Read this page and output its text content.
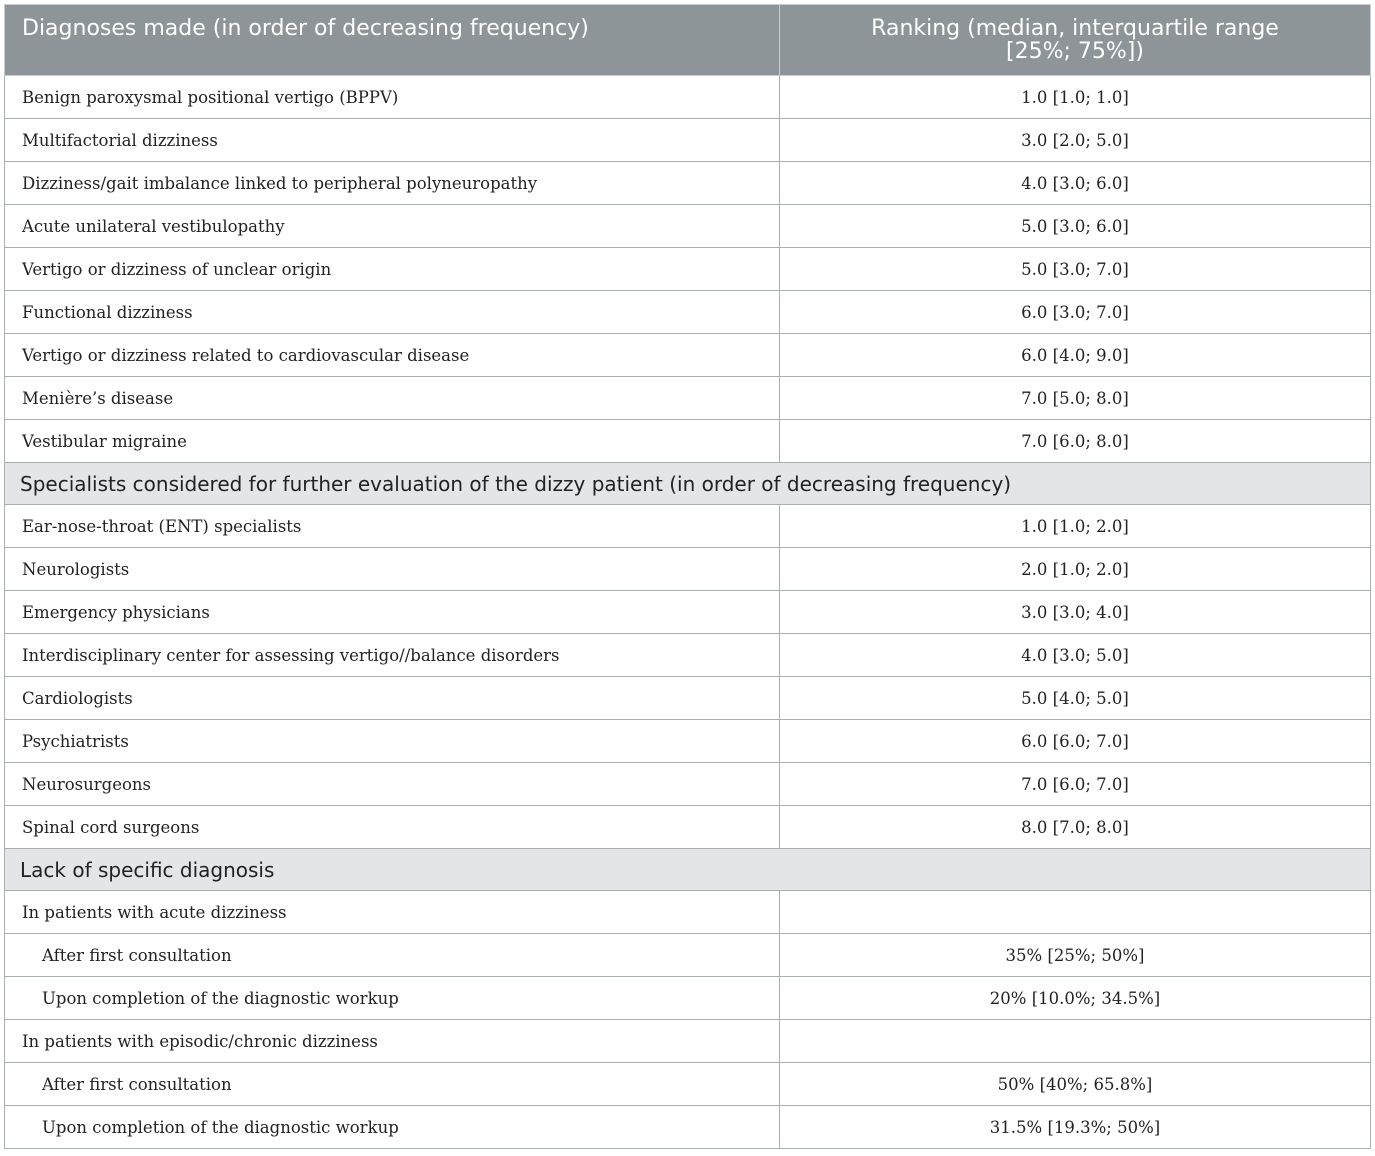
Diagnoses made (in order of decreasing frequency)	Ranking (median, interquartile range [25%; 75%])
Benign paroxysmal positional vertigo (BPPV)	1.0 [1.0; 1.0]
Multifactorial dizziness	3.0 [2.0; 5.0]
Dizziness/gait imbalance linked to peripheral polyneuropathy	4.0 [3.0; 6.0]
Acute unilateral vestibulopathy	5.0 [3.0; 6.0]
Vertigo or dizziness of unclear origin	5.0 [3.0; 7.0]
Functional dizziness	6.0 [3.0; 7.0]
Vertigo or dizziness related to cardiovascular disease	6.0 [4.0; 9.0]
Menière’s disease	7.0 [5.0; 8.0]
Vestibular migraine	7.0 [6.0; 8.0]
Specialists considered for further evaluation of the dizzy patient (in order of decreasing frequency)	
Ear-nose-throat (ENT) specialists	1.0 [1.0; 2.0]
Neurologists	2.0 [1.0; 2.0]
Emergency physicians	3.0 [3.0; 4.0]
Interdisciplinary center for assessing vertigo//balance disorders	4.0 [3.0; 5.0]
Cardiologists	5.0 [4.0; 5.0]
Psychiatrists	6.0 [6.0; 7.0]
Neurosurgeons	7.0 [6.0; 7.0]
Spinal cord surgeons	8.0 [7.0; 8.0]
Lack of specific diagnosis	
In patients with acute dizziness	
After first consultation	35% [25%; 50%]
Upon completion of the diagnostic workup	20% [10.0%; 34.5%]
In patients with episodic/chronic dizziness	
After first consultation	50% [40%; 65.8%]
Upon completion of the diagnostic workup	31.5% [19.3%; 50%]
